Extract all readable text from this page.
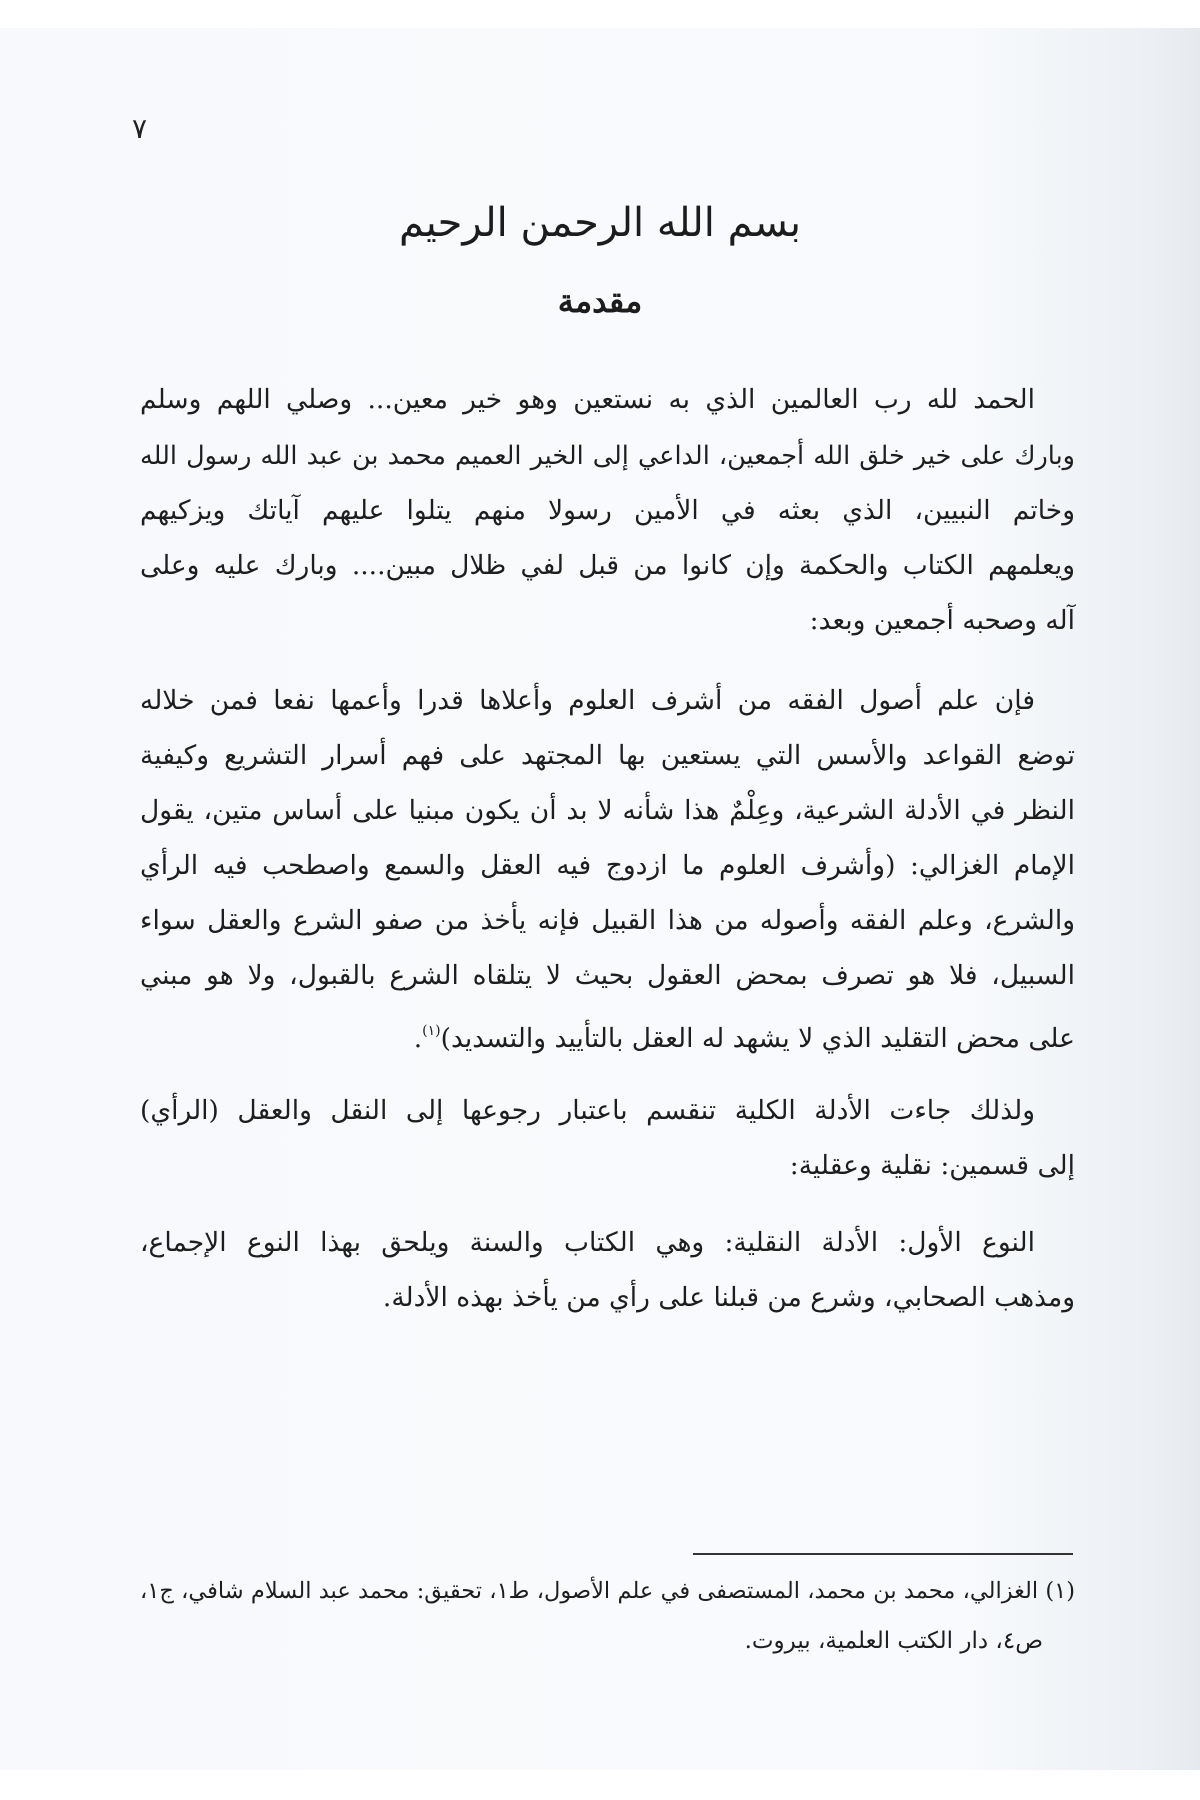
٧
بسم الله الرحمن الرحيم
مقدمة
الحمد لله رب العالمين الذي به نستعين وهو خير معين... وصلي اللهم وسلم
وبارك على خير خلق الله أجمعين، الداعي إلى الخير العميم محمد بن عبد الله رسول الله
وخاتم النبيين، الذي بعثه في الأمين رسولا منهم يتلوا عليهم آياتك ويزكيهم
ويعلمهم الكتاب والحكمة وإن كانوا من قبل لفي ظلال مبين.... وبارك عليه وعلى
آله وصحبه أجمعين وبعد:
فإن علم أصول الفقه من أشرف العلوم وأعلاها قدرا وأعمها نفعا فمن خلاله
توضع القواعد والأسس التي يستعين بها المجتهد على فهم أسرار التشريع وكيفية
النظر في الأدلة الشرعية، وعِلْمٌ هذا شأنه لا بد أن يكون مبنيا على أساس متين، يقول
الإمام الغزالي: (وأشرف العلوم ما ازدوج فيه العقل والسمع واصطحب فيه الرأي
والشرع، وعلم الفقه وأصوله من هذا القبيل فإنه يأخذ من صفو الشرع والعقل سواء
السبيل، فلا هو تصرف بمحض العقول بحيث لا يتلقاه الشرع بالقبول، ولا هو مبني
على محض التقليد الذي لا يشهد له العقل بالتأييد والتسديد)$^{(١)}$.
ولذلك جاءت الأدلة الكلية تنقسم باعتبار رجوعها إلى النقل والعقل (الرأي)
إلى قسمين: نقلية وعقلية:
النوع الأول: الأدلة النقلية: وهي الكتاب والسنة ويلحق بهذا النوع الإجماع،
ومذهب الصحابي، وشرع من قبلنا على رأي من يأخذ بهذه الأدلة.
(١) الغزالي، محمد بن محمد، المستصفى في علم الأصول، ط١، تحقيق: محمد عبد السلام شافي، ج١،
ص٤، دار الكتب العلمية، بيروت.
